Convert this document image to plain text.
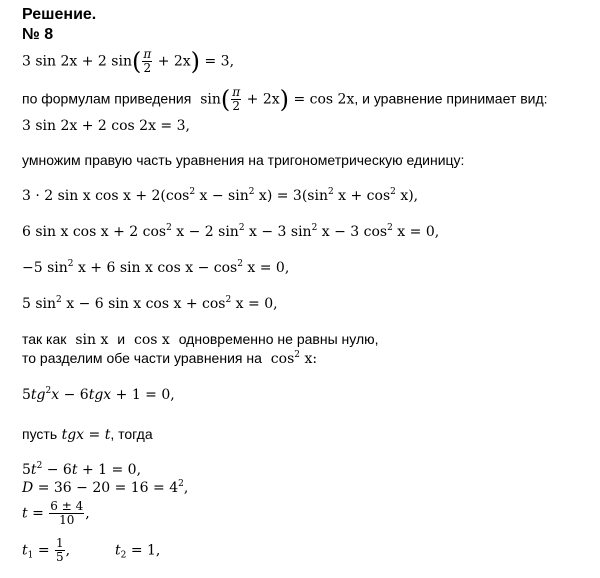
Решение.
№ 8
3 sin 2x + 2 $\sin( \frac{\pi}{2} + 2x) = 3$,
по формулам приведения $\sin( \frac{\pi}{2} + 2x) = \cos 2x$, и уравнение принимает вид:
3 sin 2x + 2 cos 2x = 3,
умножим правую часть уравнения на тригонометрическую единицу:
3 · 2 sin x $\cos x + 2(\cos^2$ $x - \sin^2 x) = 3(\sin^2$ $x + \cos^2 x$),
6 sin x cos x + 2 $\cos^2 x - 2$ $\sin^2 x - 3$ $\sin^2 x - 3$ $\cos^2 x = 0$,
−5 $\sin^2 x + 6$ sin x $\cos x - \cos^2 x = 0$,
5 $\sin^2 x - 6$ sin x $\cos x + \cos^2 x = 0$,
так как sin x и cos x одновременно не равны нулю,
то разделим обе части уравнения на $\cos^2 x$:
$5tg^2x - 6tgx + 1 = 0$,
пусть tgx = t, тогда
$5t^2 - 6t + 1 = 0$,
$D = 36 - 20 = 16 = 4^2$,
$t = \frac{6 \pm 4}{10}$ ,
$t_1 = \frac{1}{5}$ ,	$t_2 = 1$,
